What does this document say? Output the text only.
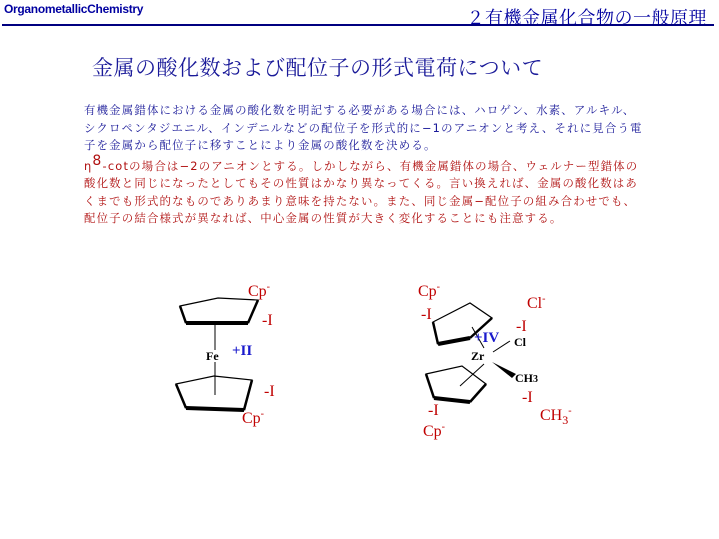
OrganometallicChemistry	２有機金属化合物の一般原理
金属の酸化数および配位子の形式電荷について
有機金属錯体における金属の酸化数を明記する必要がある場合には、ハロゲン、水素、アルキル、シクロペンタジエニル、インデニルなどの配位子を形式的に−1のアニオンと考え、それに見合う電子を金属から配位子に移すことにより金属の酸化数を決める。
$\eta^8-\cot$の場合は−2のアニオンとする。しかしながら、有機金属錯体の場合、ウェルナー型錯体の酸化数と同じになったとしてもその性質はかなり異なってくる。言い換えれば、金属の酸化数はあくまでも形式的なものでありあまり意味を持たない。また、同じ金属−配位子の組み合わせでも、配位子の結合様式が異なれば、中心金属の性質が大きく変化することにも注意する。
Cp-
-I
Fe +II
-I
Cp-
Cp-
-I
+IV
Zr
Cl
Cl-
-I
CH3
-I
$CH_3^-$
-I
Cp-
